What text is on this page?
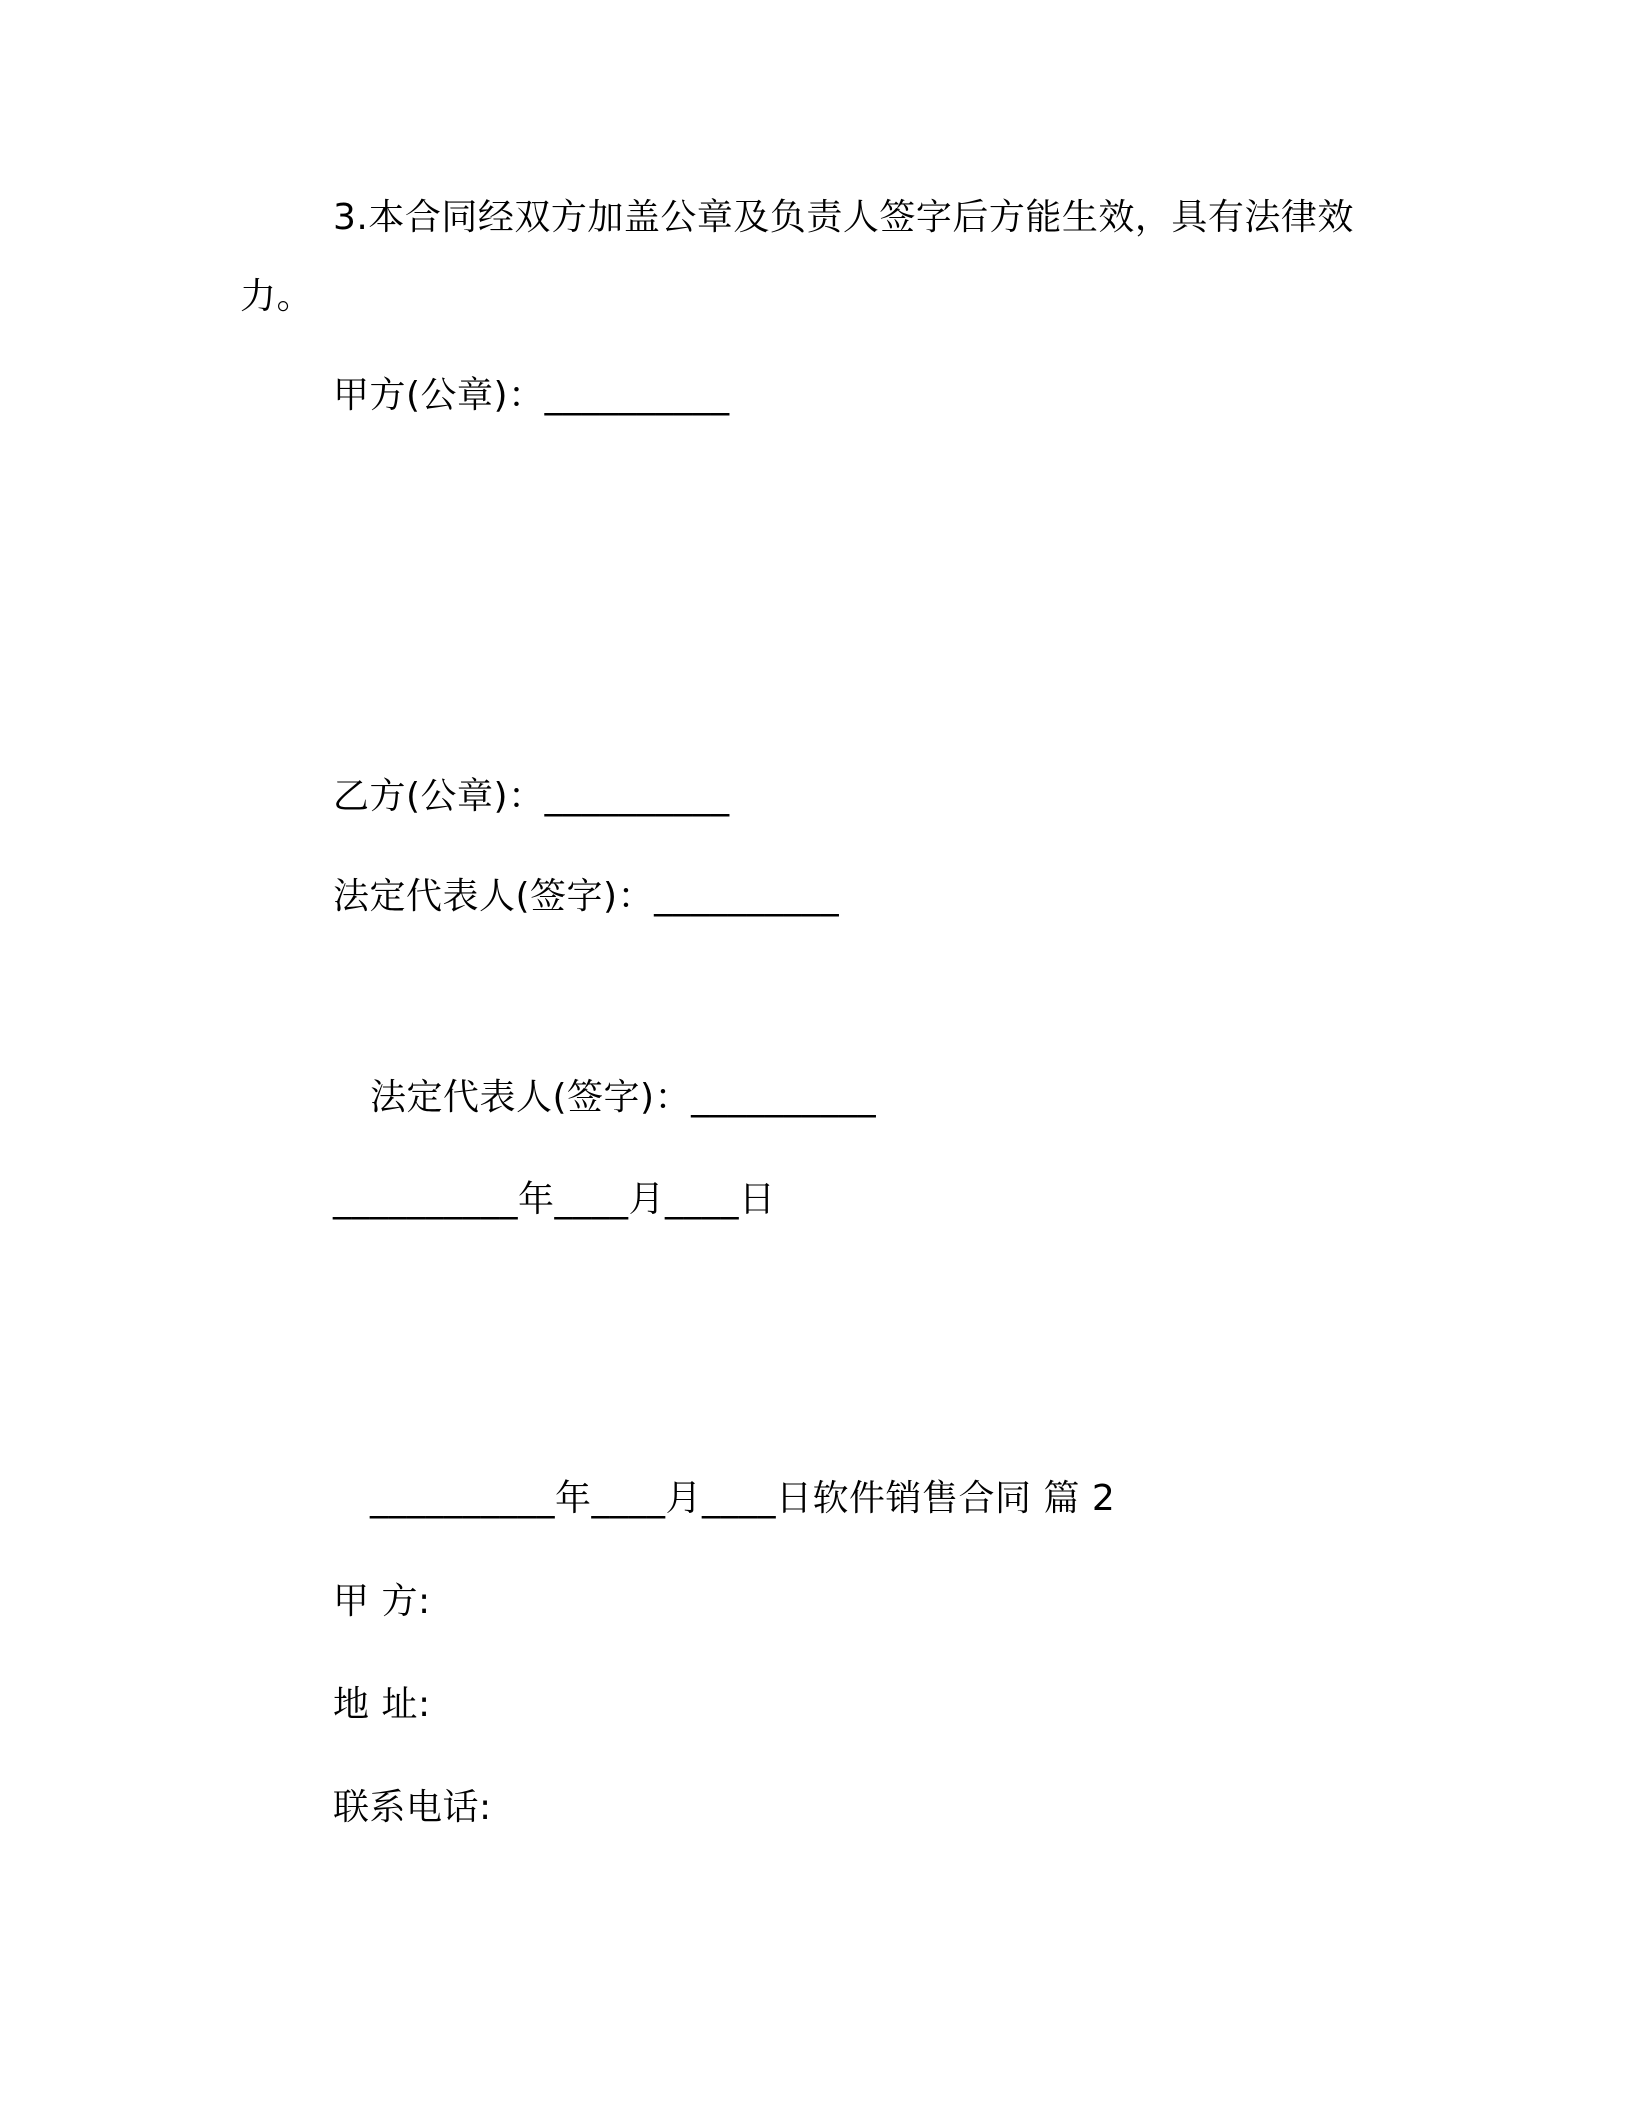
3.本合同经双方加盖公章及负责人签字后方能生效，具有法律效力。
甲方(公章)：__________
乙方(公章)：__________
法定代表人(签字)：__________
法定代表人(签字)：__________
__________年____月____日
__________年____月____日软件销售合同 篇 2
甲 方:
地 址:
联系电话:
